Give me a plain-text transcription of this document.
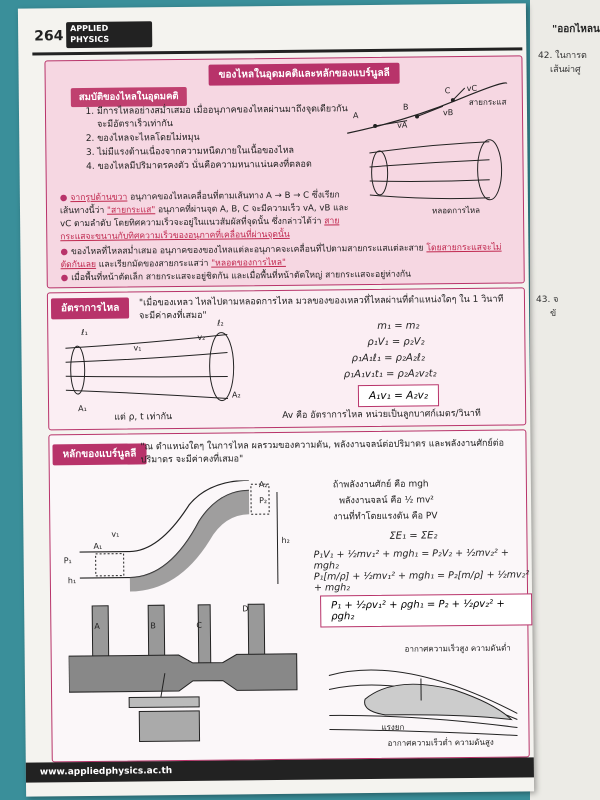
"ออกไหลน
42. ในการต
เส้นผ่าศู
43. จ
ขั
264 APPLIED
PHYSICS
ของไหลในอุดมคติและหลักของแบร์นูลลี
สมบัติของไหลในอุดมคติ
1. มีการไหลอย่างสม่ำเสมอ เมื่ออนุภาคของไหลผ่านมาถึงจุดเดียวกันจะมีอัตราเร็วเท่ากัน
2. ของไหลจะไหลโดยไม่หมุน
3. ไม่มีแรงต้านเนื่องจากความหนืดภายในเนื้อของไหล
4. ของไหลมีปริมาตรคงตัว นั่นคือความหนาแน่นคงที่ตลอด
A
B
C
vA
vB
vC
สายกระแส
หลอดการไหล
● จากรูปด้านขวา อนุภาคของไหลเคลื่อนที่ตามเส้นทาง A → B → C ซึ่งเรียกเส้นทางนี้ว่า "สายกระแส" อนุภาคที่ผ่านจุด A, B, C จะมีความเร็ว vA, vB และ vC ตามลำดับ โดยทิศความเร็วจะอยู่ในแนวสัมผัสที่จุดนั้น ซึ่งกล่าวได้ว่า สายกระแสจะขนานกับทิศความเร็วของอนุภาคที่เคลื่อนที่ผ่านจุดนั้น
● ของไหลที่ไหลสม่ำเสมอ อนุภาคของของไหลแต่ละอนุภาคจะเคลื่อนที่ไปตามสายกระแสแต่ละสาย โดยสายกระแสจะไม่ตัดกันเลย และเรียกมัดของสายกระแสว่า "หลอดของการไหล"
● เมื่อพื้นที่หน้าตัดเล็ก สายกระแสจะอยู่ชิดกัน และเมื่อพื้นที่หน้าตัดใหญ่ สายกระแสจะอยู่ห่างกัน
อัตราการไหล
"เมื่อของเหลว ไหลไปตามหลอดการไหล มวลของของเหลวที่ไหลผ่านที่ตำแหน่งใดๆ ใน 1 วินาที จะมีค่าคงที่เสมอ"
ℓ₁
ℓ₂
v₁
v₂
A₁
A₂
แต่ ρ, t เท่ากัน
m₁ = m₂
ρ₁V₁ = ρ₂V₂
ρ₁A₁ℓ₁ = ρ₂A₂ℓ₂
ρ₁A₁v₁t₁ = ρ₂A₂v₂t₂
A₁v₁ = A₂v₂
Av คือ อัตราการไหล หน่วยเป็นลูกบาศก์เมตร/วินาที
หลักของแบร์นูลลี
"ณ ตำแหน่งใดๆ ในการไหล ผลรวมของความดัน, พลังงานจลน์ต่อปริมาตร และพลังงานศักย์ต่อปริมาตร จะมีค่าคงที่เสมอ"
P₁
A₁
v₁
h₁
A₂
P₂
h₂
ถ้าพลังงานศักย์ คือ mgh
พลังงานจลน์ คือ ½ mv²
งานที่ทำโดยแรงดัน คือ PV
ΣE₁ = ΣE₂
P₁V₁ + ½mv₁² + mgh₁ = P₂V₂ + ½mv₂² + mgh₂
P₁[m/ρ] + ½mv₁² + mgh₁ = P₂[m/ρ] + ½mv₂² + mgh₂
P₁ + ½ρv₁² + ρgh₁ = P₂ + ½ρv₂² + ρgh₂
A	B	C
D
อากาศความเร็วสูง ความดันต่ำ
แรงยก
อากาศความเร็วต่ำ ความดันสูง
www.appliedphysics.ac.th
